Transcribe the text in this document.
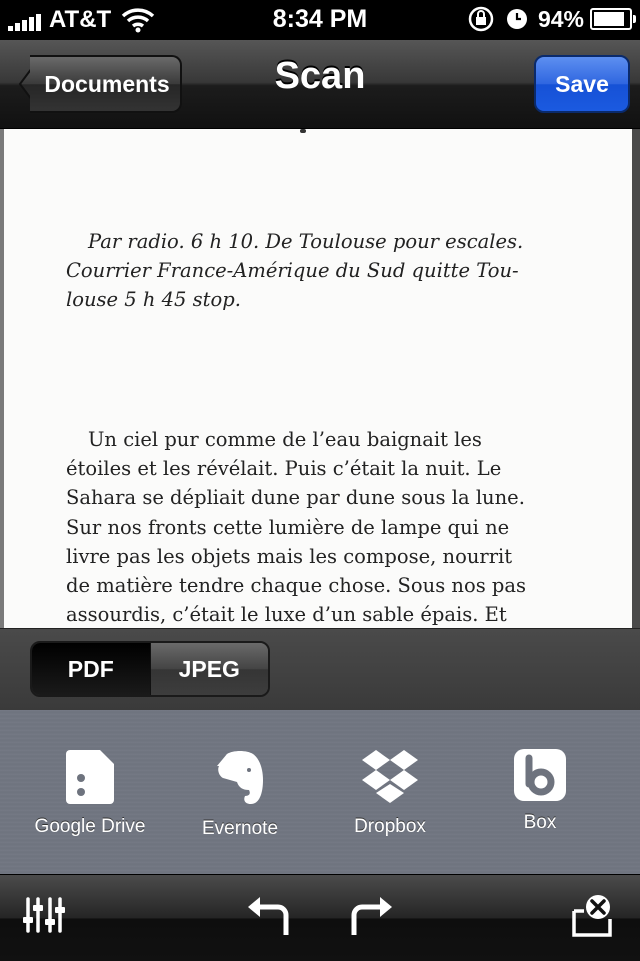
AT&T	8:34 PM	94%
Documents	Scan	Save
Par radio. 6 h 10. De Toulouse pour escales.
Courrier France-Amérique du Sud quitte Tou-
louse 5 h 45 stop.
Un ciel pur comme de l’eau baignait les
étoiles et les révélait. Puis c’était la nuit. Le
Sahara se dépliait dune par dune sous la lune.
Sur nos fronts cette lumière de lampe qui ne
livre pas les objets mais les compose, nourrit
de matière tendre chaque chose. Sous nos pas
assourdis, c’était le luxe d’un sable épais. Et
PDF	JPEG
Google Drive	Evernote	Dropbox	Box
